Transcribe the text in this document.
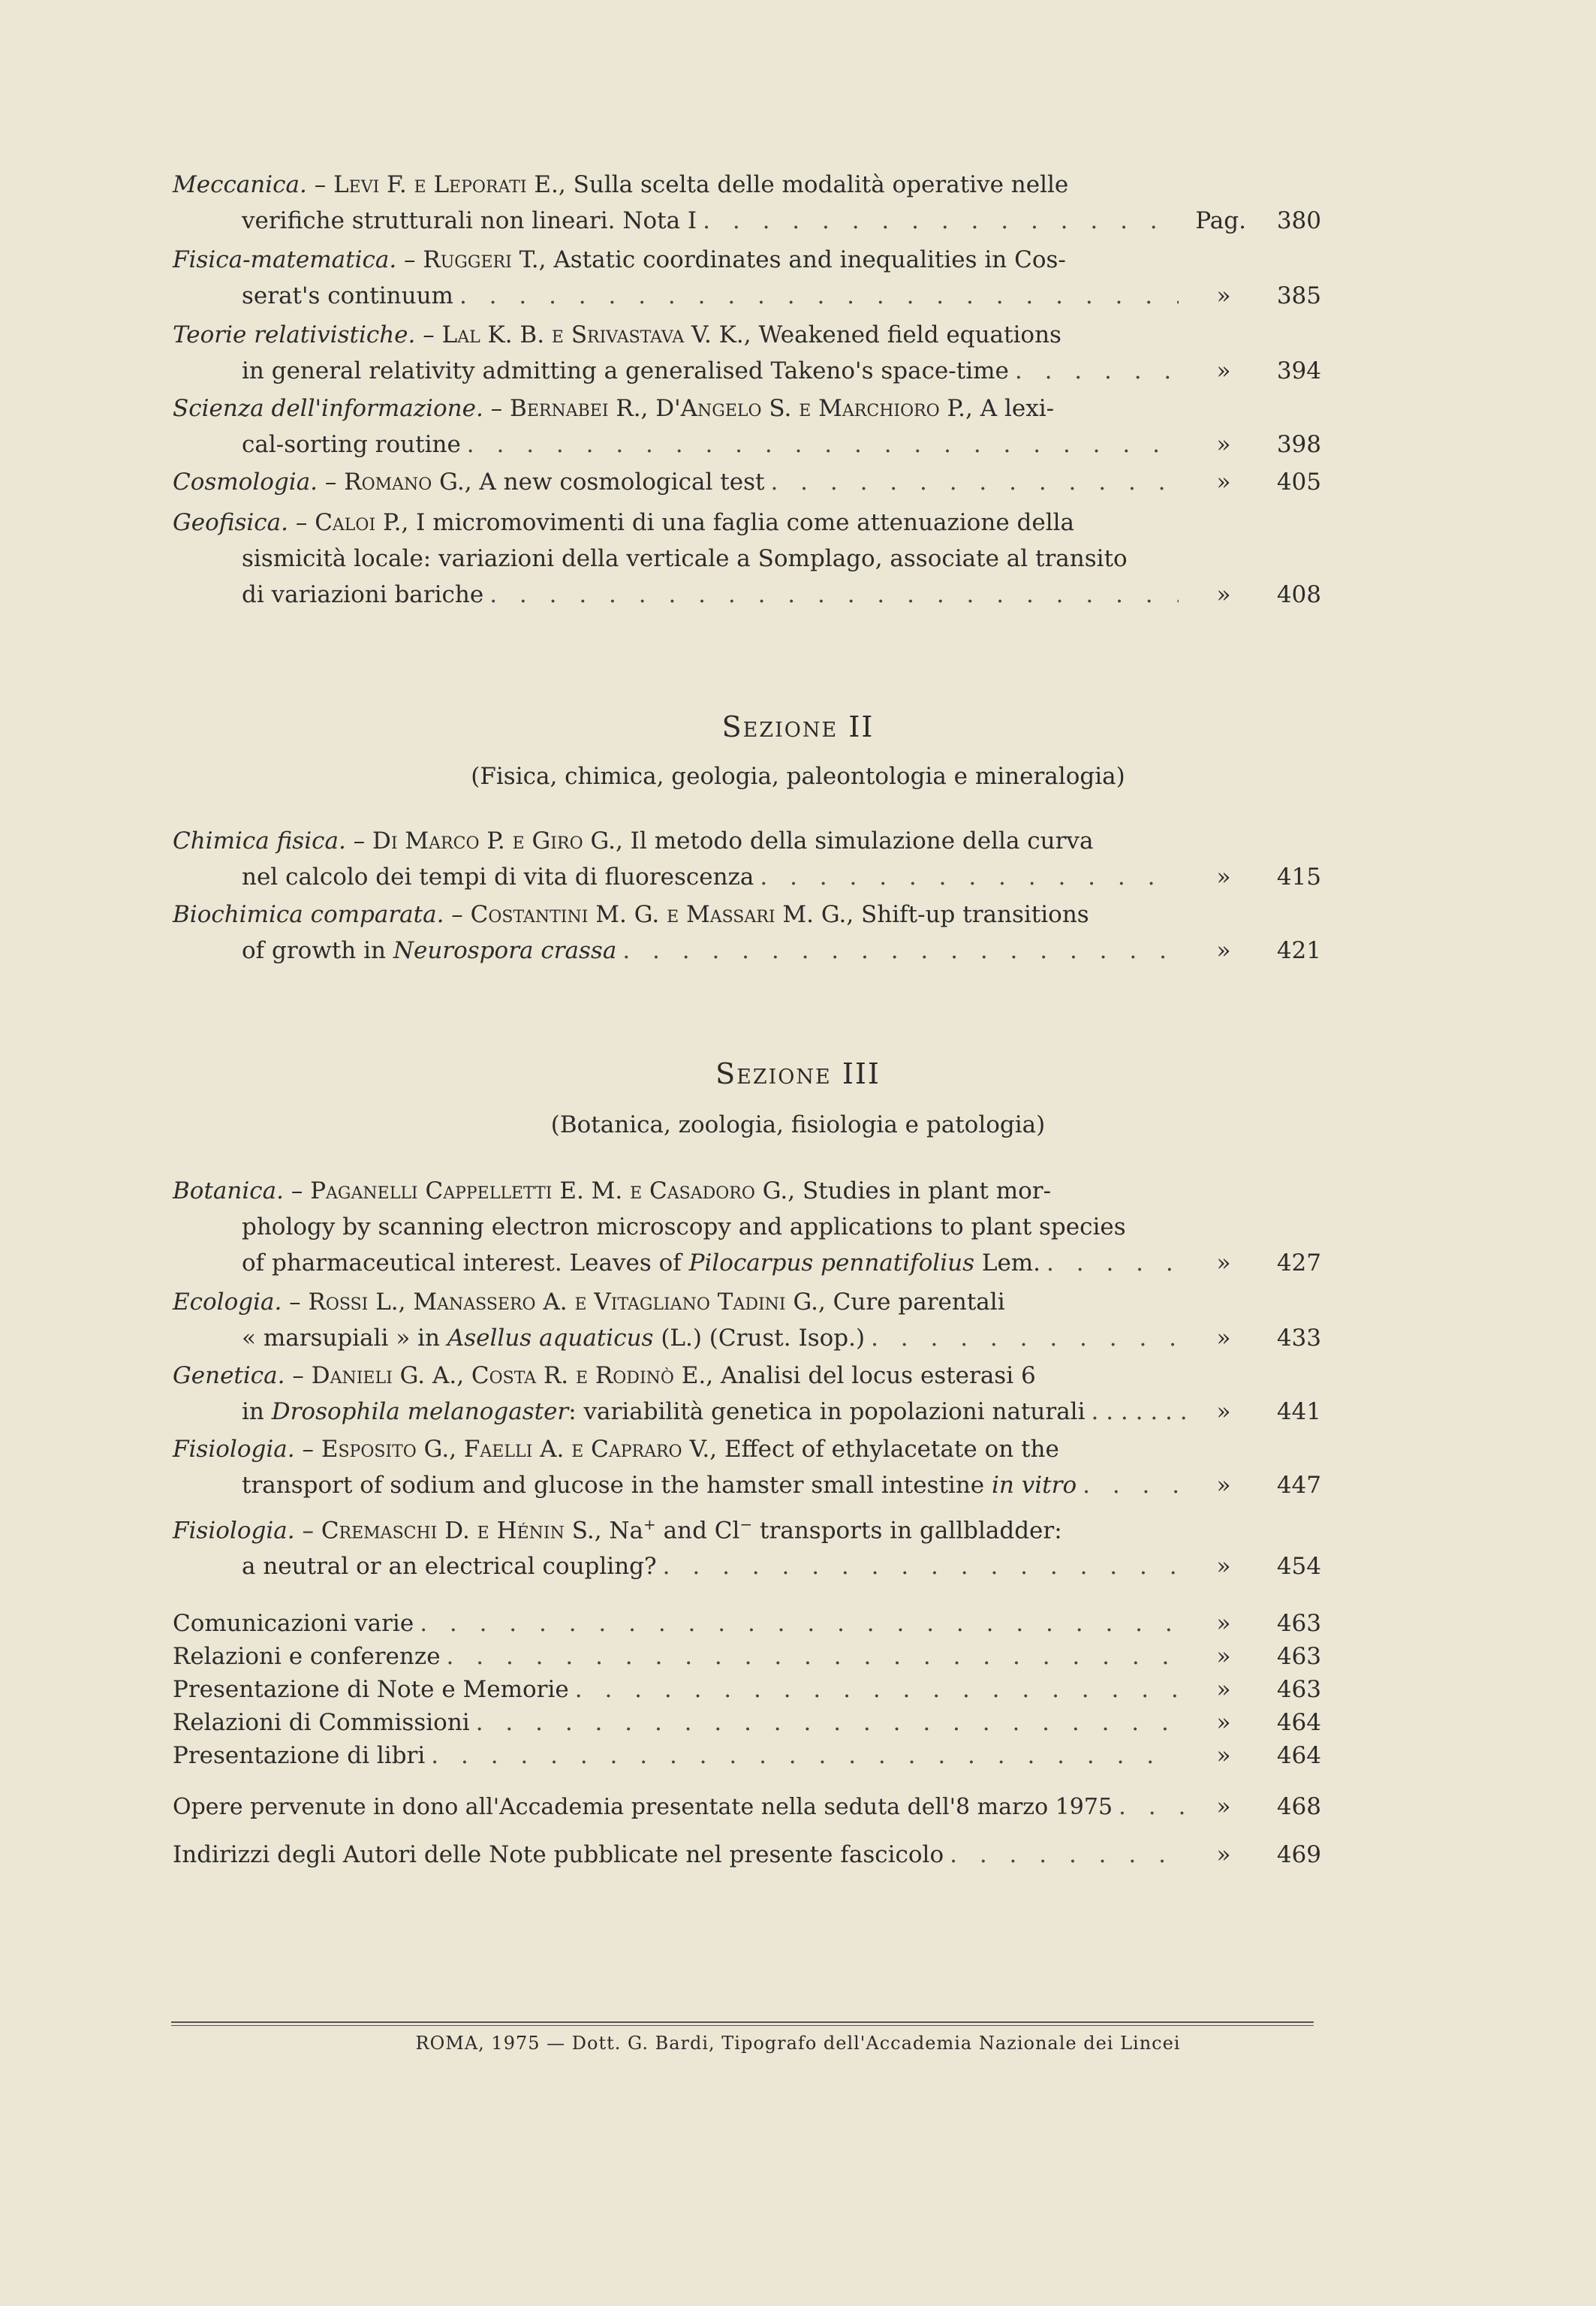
Meccanica. – Levi F. e Leporati E., Sulla scelta delle modalità operative nelle

verifiche strutturali non lineari. Nota I . . .	Pag.	380

Fisica-matematica. – Ruggeri T., Astatic coordinates and inequalities in Cos-

serat's continuum . . .	»	385

Teorie relativistiche. – Lal K. B. e Srivastava V. K., Weakened field equations

in general relativity admitting a generalised Takeno's space-time . . .	»	394

Scienza dell'informazione. – Bernabei R., D'Angelo S. e Marchioro P., A lexi-

cal-sorting routine . . .	»	398

Cosmologia. – Romano G., A new cosmological test . . .	»	405

Geofisica. – Caloi P., I micromovimenti di una faglia come attenuazione della

sismicità locale: variazioni della verticale a Somplago, associate al transito

di variazioni bariche . . .	»	408

Sezione II
(Fisica, chimica, geologia, paleontologia e mineralogia)

Chimica fisica. – Di Marco P. e Giro G., Il metodo della simulazione della curva

nel calcolo dei tempi di vita di fluorescenza . . .	»	415

Biochimica comparata. – Costantini M. G. e Massari M. G., Shift-up transitions

of growth in Neurospora crassa . . .	»	421

Sezione III
(Botanica, zoologia, fisiologia e patologia)

Botanica. – Paganelli Cappelletti E. M. e Casadoro G., Studies in plant mor-

phology by scanning electron microscopy and applications to plant species

of pharmaceutical interest. Leaves of Pilocarpus pennatifolius Lem. . . .	»	427

Ecologia. – Rossi L., Manassero A. e Vitagliano Tadini G., Cure parentali

« marsupiali » in Asellus aquaticus (L.) (Crust. Isop.) . . .	»	433

Genetica. – Danieli G. A., Costa R. e Rodinò E., Analisi del locus esterasi 6

in Drosophila melanogaster: variabilità genetica in popolazioni naturali . . .	»	441

Fisiologia. – Esposito G., Faelli A. e Capraro V., Effect of ethylacetate on the

transport of sodium and glucose in the hamster small intestine in vitro . . .	»	447

Fisiologia. – Cremaschi D. e Hénin S., Na+ and Cl− transports in gallbladder:

a neutral or an electrical coupling? . . .	»	454

Comunicazioni varie . . .	»	463

Relazioni e conferenze . . .	»	463

Presentazione di Note e Memorie . . .	»	463

Relazioni di Commissioni . . .	»	464

Presentazione di libri . . .	»	464

Opere pervenute in dono all'Accademia presentate nella seduta dell'8 marzo 1975 . . .	»	468

Indirizzi degli Autori delle Note pubblicate nel presente fascicolo . . .	»	469

ROMA, 1975 — Dott. G. Bardi, Tipografo dell'Accademia Nazionale dei Lincei
